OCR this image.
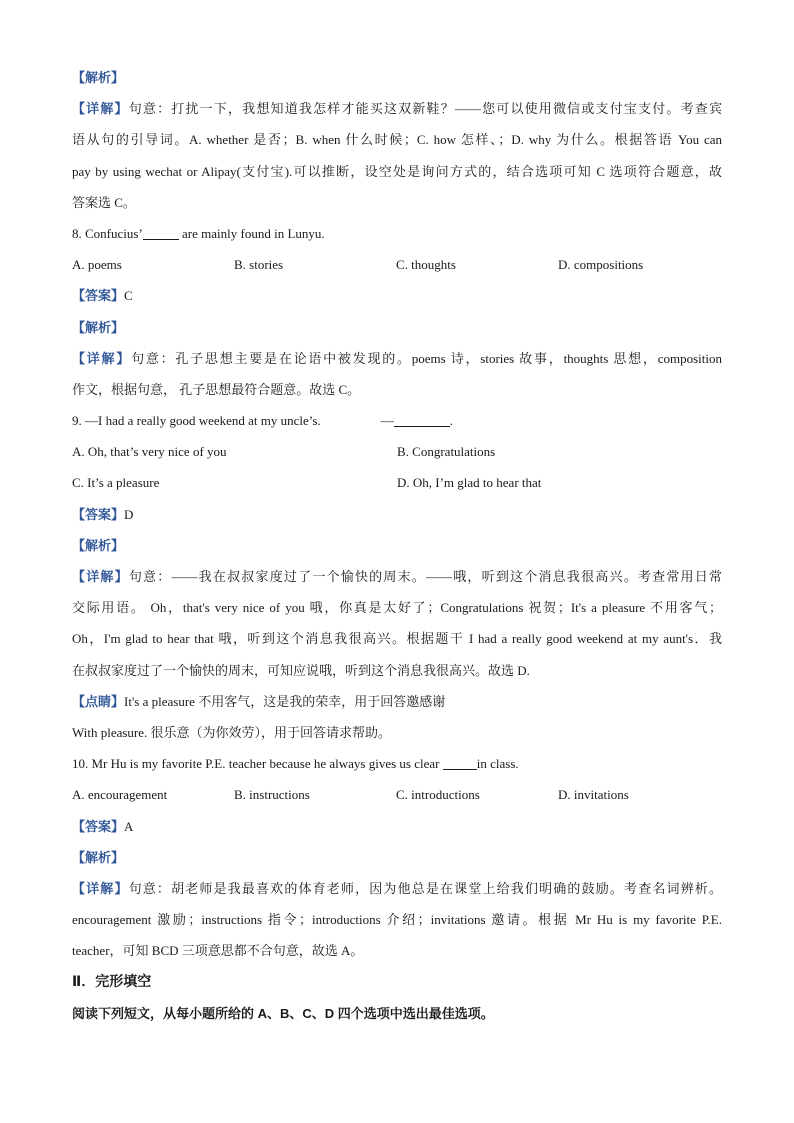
【解析】
【详解】句意：打扰一下，我想知道我怎样才能买这双新鞋？——您可以使用微信或支付宝支付。考查宾
语从句的引导词。A. whether 是否；B. when 什么时候；C. how 怎样、；D. why 为什么。根据答语 You can
pay by using wechat or Alipay(支付宝).可以推断，设空处是询问方式的，结合选项可知 C 选项符合题意，故
答案选 C。
8. Confucius’	are mainly found in Lunyu.
A. poems	B. stories	C. thoughts	D. compositions
【答案】C
【解析】
【详解】句意：孔子思想主要是在论语中被发现的。poems 诗，stories 故事，thoughts 思想，composition
作文，根据句意， 孔子思想最符合题意。故选 C。
9. —I had a really good weekend at my uncle’s.	—	.
A. Oh, that’s very nice of you	B. Congratulations
C. It’s a pleasure	D. Oh, I’m glad to hear that
【答案】D
【解析】
【详解】句意：——我在叔叔家度过了一个愉快的周末。——哦，听到这个消息我很高兴。考查常用日常
交际用语。 Oh，that's very nice of you 哦，你真是太好了；Congratulations 祝贺；It's a pleasure 不用客气；
Oh，I'm glad to hear that 哦，听到这个消息我很高兴。根据题干 I had a really good weekend at my aunt's．我
在叔叔家度过了一个愉快的周末，可知应说哦，听到这个消息我很高兴。故选 D.
【点睛】It's a pleasure 不用客气，这是我的荣幸，用于回答邀感谢
With pleasure. 很乐意（为你效劳），用于回答请求帮助。
10. Mr Hu is my favorite P.E. teacher because he always gives us clear	in class.
A. encouragement	B. instructions	C. introductions	D. invitations
【答案】A
【解析】
【详解】句意：胡老师是我最喜欢的体育老师，因为他总是在课堂上给我们明确的鼓励。考查名词辨析。
encouragement 激励；instructions 指令；introductions 介绍；invitations 邀请。根据 Mr Hu is my favorite P.E.
teacher，可知 BCD 三项意思都不合句意，故选 A。
Ⅱ．完形填空
阅读下列短文，从每小题所给的 A、B、C、D 四个选项中选出最佳选项。
